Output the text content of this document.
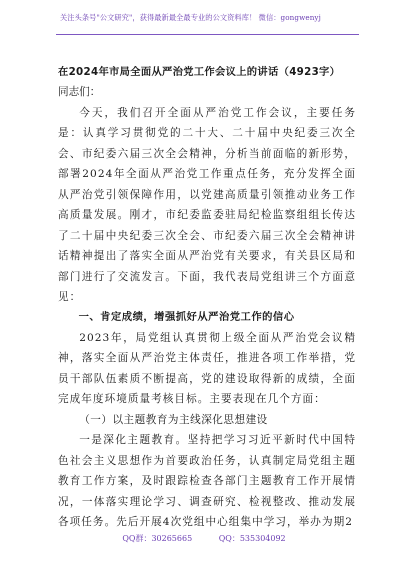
关注头条号"公文研究"，获得最新最全最专业的公文资料库！ 微信：gongwenyj
在2024年市局全面从严治党工作会议上的讲话（4923字）
同志们：
今天，我们召开全面从严治党工作会议，主要任务是：认真学习贯彻党的二十大、二十届中央纪委三次全会、市纪委六届三次全会精神，分析当前面临的新形势，部署2024年全面从严治党工作重点任务，充分发挥全面从严治党引领保障作用，以党建高质量引领推动业务工作高质量发展。刚才，市纪委监委驻局纪检监察组组长传达了二十届中央纪委三次全会、市纪委六届三次全会精神讲话精神提出了落实全面从严治党有关要求，有关县区局和部门进行了交流发言。下面，我代表局党组讲三个方面意见：
一、肯定成绩，增强抓好从严治党工作的信心
2023年，局党组认真贯彻上级全面从严治党会议精神，落实全面从严治党主体责任，推进各项工作举措，党员干部队伍素质不断提高，党的建设取得新的成绩，全面完成年度环境质量考核目标。主要表现在几个方面：
（一）以主题教育为主线深化思想建设
一是深化主题教育。坚持把学习习近平新时代中国特色社会主义思想作为首要政治任务，认真制定局党组主题教育工作方案，及时跟踪检查各部门主题教育工作开展情况，一体落实理论学习、调查研究、检视整改、推动发展各项任务。先后开展4次党组中心组集中学习，举办为期2
QQ群：30265665	QQ：535304092
